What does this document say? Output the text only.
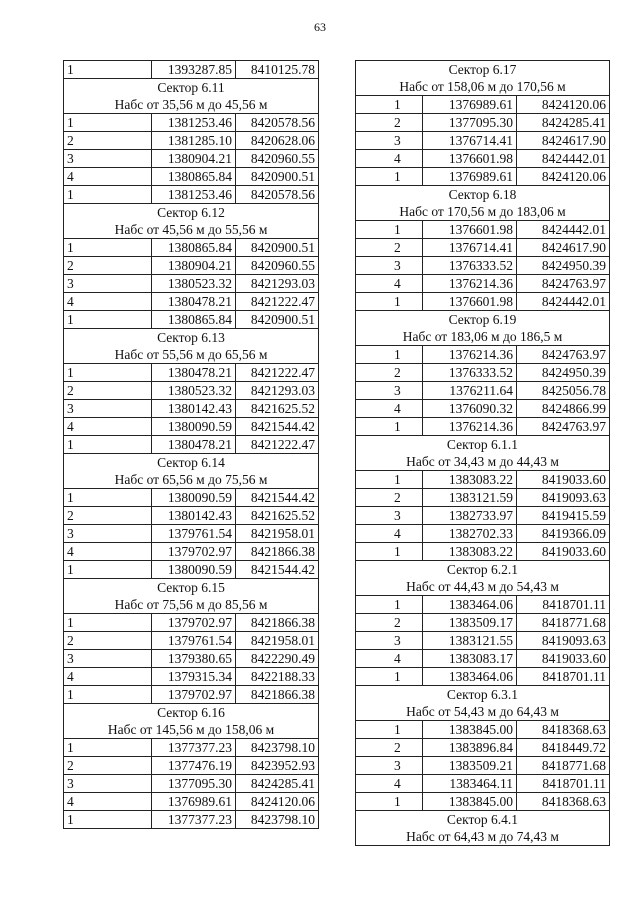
63
1	1393287.85	8410125.78
Сектор 6.11		
Набс от 35,56 м до 45,56 м		
1	1381253.46	8420578.56
2	1381285.10	8420628.06
3	1380904.21	8420960.55
4	1380865.84	8420900.51
1	1381253.46	8420578.56
Сектор 6.12		
Набс от 45,56 м до 55,56 м		
1	1380865.84	8420900.51
2	1380904.21	8420960.55
3	1380523.32	8421293.03
4	1380478.21	8421222.47
1	1380865.84	8420900.51
Сектор 6.13		
Набс от 55,56 м до 65,56 м		
1	1380478.21	8421222.47
2	1380523.32	8421293.03
3	1380142.43	8421625.52
4	1380090.59	8421544.42
1	1380478.21	8421222.47
Сектор 6.14		
Набс от 65,56 м до 75,56 м		
1	1380090.59	8421544.42
2	1380142.43	8421625.52
3	1379761.54	8421958.01
4	1379702.97	8421866.38
1	1380090.59	8421544.42
Сектор 6.15		
Набс от 75,56 м до 85,56 м		
1	1379702.97	8421866.38
2	1379761.54	8421958.01
3	1379380.65	8422290.49
4	1379315.34	8422188.33
1	1379702.97	8421866.38
Сектор 6.16		
Набс от 145,56 м до 158,06 м		
1	1377377.23	8423798.10
2	1377476.19	8423952.93
3	1377095.30	8424285.41
4	1376989.61	8424120.06
1	1377377.23	8423798.10
Сектор 6.17		
Набс от 158,06 м до 170,56 м		
1	1376989.61	8424120.06
2	1377095.30	8424285.41
3	1376714.41	8424617.90
4	1376601.98	8424442.01
1	1376989.61	8424120.06
Сектор 6.18		
Набс от 170,56 м до 183,06 м		
1	1376601.98	8424442.01
2	1376714.41	8424617.90
3	1376333.52	8424950.39
4	1376214.36	8424763.97
1	1376601.98	8424442.01
Сектор 6.19		
Набс от 183,06 м до 186,5 м		
1	1376214.36	8424763.97
2	1376333.52	8424950.39
3	1376211.64	8425056.78
4	1376090.32	8424866.99
1	1376214.36	8424763.97
Сектор 6.1.1		
Набс от 34,43 м до 44,43 м		
1	1383083.22	8419033.60
2	1383121.59	8419093.63
3	1382733.97	8419415.59
4	1382702.33	8419366.09
1	1383083.22	8419033.60
Сектор 6.2.1		
Набс от 44,43 м до 54,43 м		
1	1383464.06	8418701.11
2	1383509.17	8418771.68
3	1383121.55	8419093.63
4	1383083.17	8419033.60
1	1383464.06	8418701.11
Сектор 6.3.1		
Набс от 54,43 м до 64,43 м		
1	1383845.00	8418368.63
2	1383896.84	8418449.72
3	1383509.21	8418771.68
4	1383464.11	8418701.11
1	1383845.00	8418368.63
Сектор 6.4.1		
Набс от 64,43 м до 74,43 м		
